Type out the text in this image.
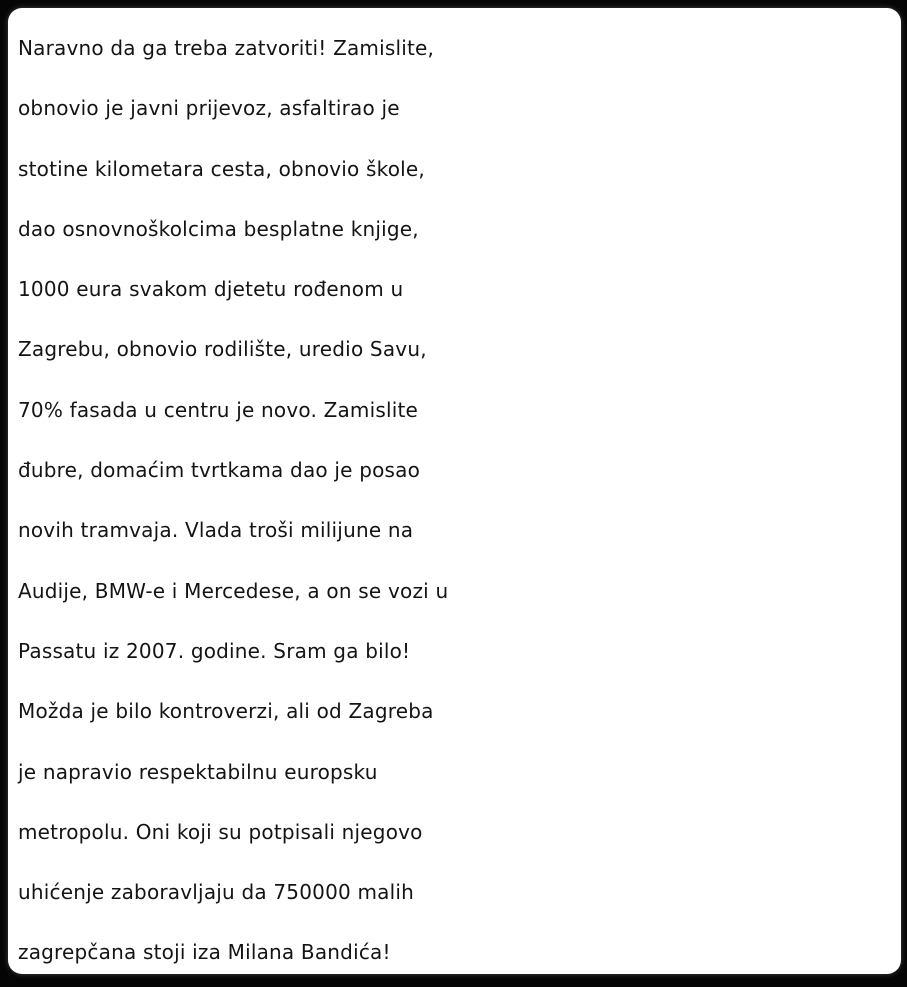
Naravno da ga treba zatvoriti! Zamislite,
obnovio je javni prijevoz, asfaltirao je
stotine kilometara cesta, obnovio škole,
dao osnovnoškolcima besplatne knjige,
1000 eura svakom djetetu rođenom u
Zagrebu, obnovio rodilište, uredio Savu,
70% fasada u centru je novo. Zamislite
đubre, domaćim tvrtkama dao je posao
novih tramvaja. Vlada troši milijune na
Audije, BMW-e i Mercedese, a on se vozi u
Passatu iz 2007. godine. Sram ga bilo!
Možda je bilo kontroverzi, ali od Zagreba
je napravio respektabilnu europsku
metropolu. Oni koji su potpisali njegovo
uhićenje zaboravljaju da 750000 malih
zagrepčana stoji iza Milana Bandića!
